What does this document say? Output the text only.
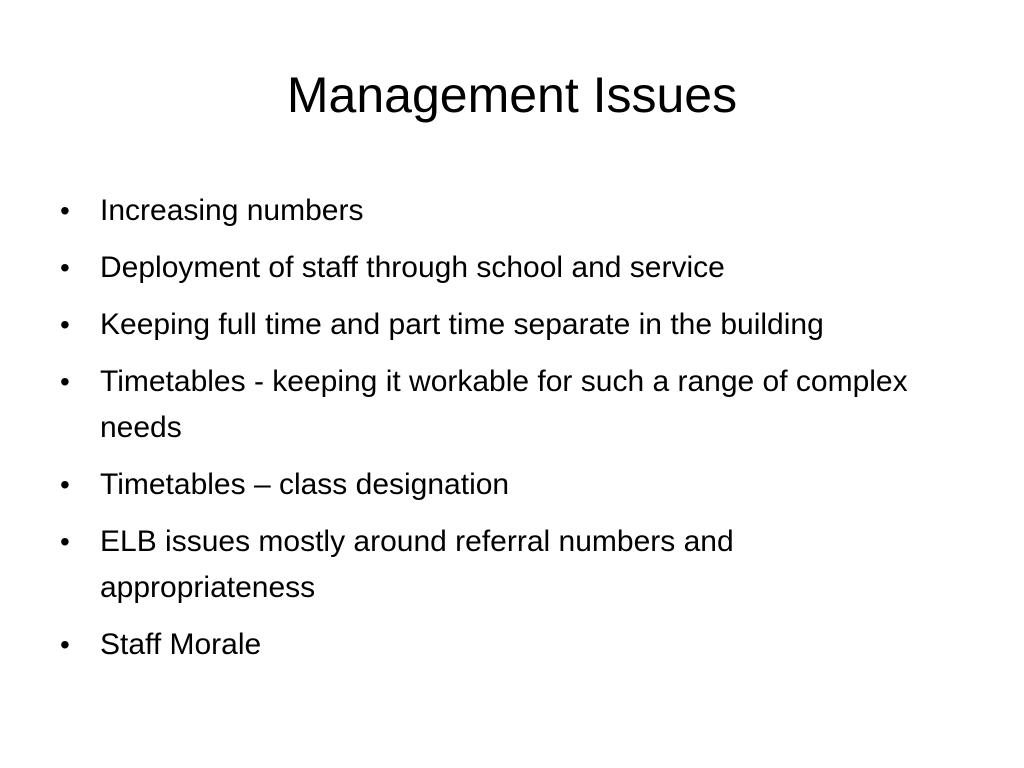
Management Issues
• Increasing numbers
• Deployment of staff through school and service
• Keeping full time and part time separate in the building
• Timetables - keeping it workable for such a range of complex needs
• Timetables – class designation
• ELB issues mostly around referral numbers and appropriateness
• Staff Morale
